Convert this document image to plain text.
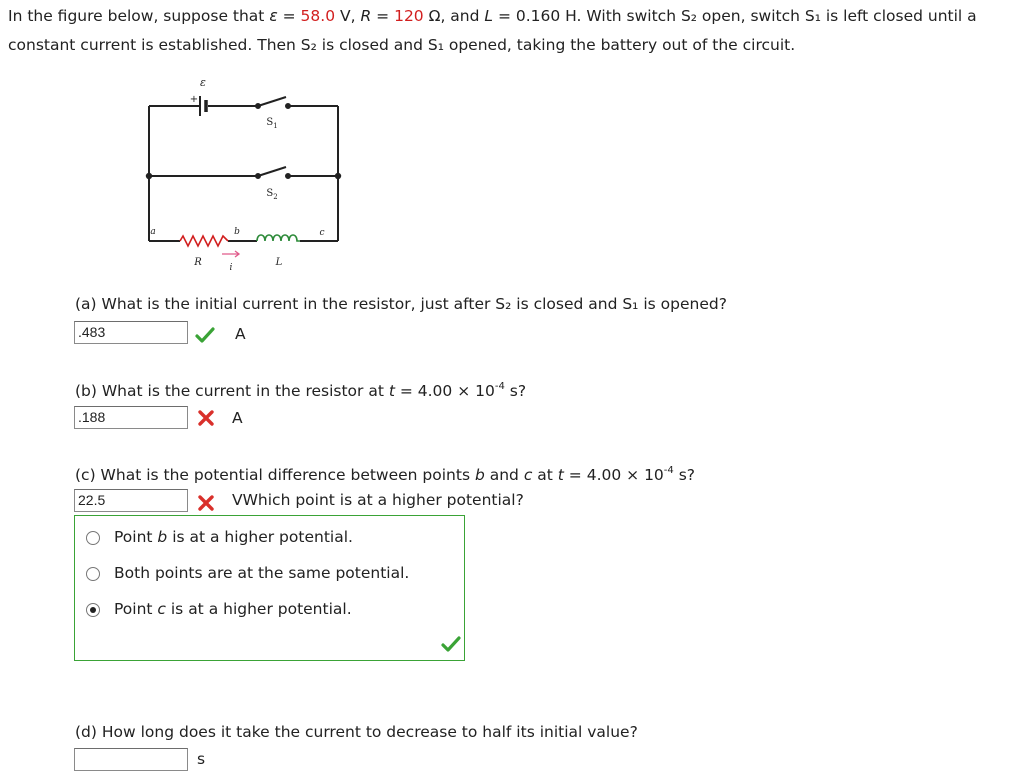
In the figure below, suppose that ε = 58.0 V, R = 120 Ω, and L = 0.160 H. With switch S₂ open, switch S₁ is left closed until a constant current is established. Then S₂ is closed and S₁ opened, taking the battery out of the circuit.
ε
+
$S_1$
$S_2$
a	b	c
R	L
i
(a) What is the initial current in the resistor, just after S₂ is closed and S₁ is opened?
.483	A
(b) What is the current in the resistor at $t = 4.00 \times 10^{-4}$ s?
.188	A
(c) What is the potential difference between points b and c at $t = 4.00 \times 10^{-4}$ s?
22.5	VWhich point is at a higher potential?
Point b is at a higher potential.
Both points are at the same potential.
Point c is at a higher potential.
(d) How long does it take the current to decrease to half its initial value?
s
